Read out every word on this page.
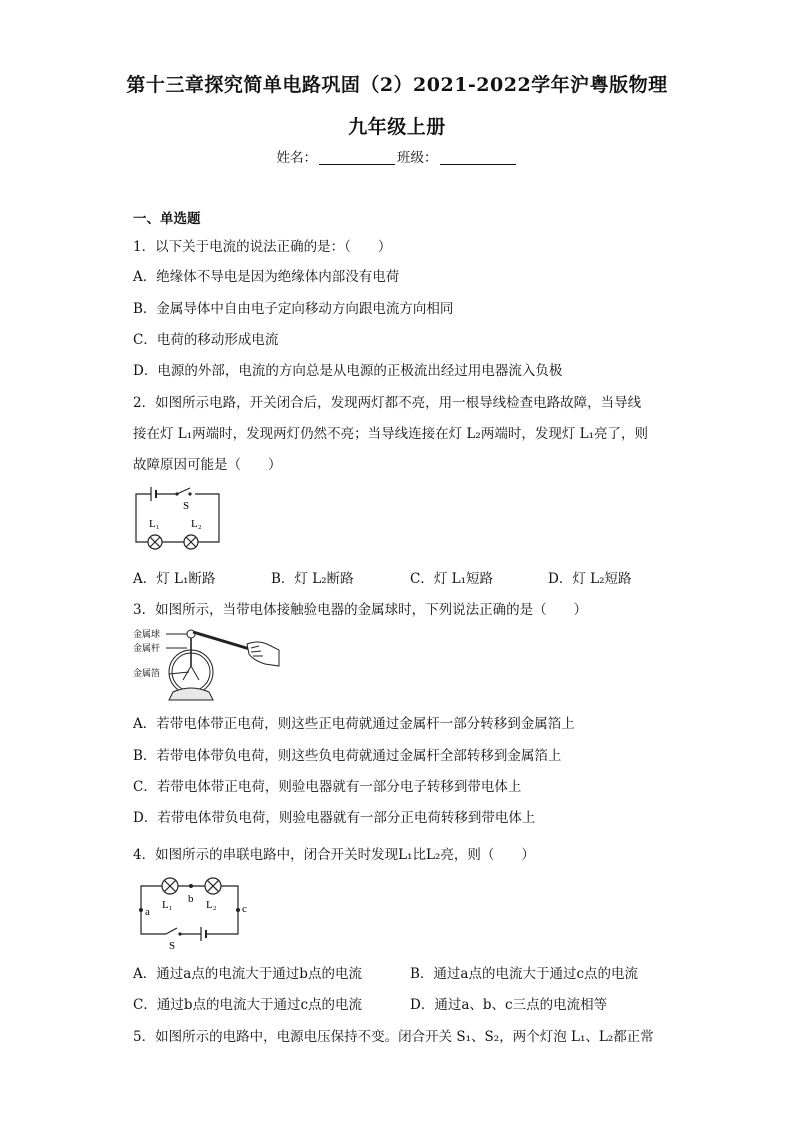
第十三章探究简单电路巩固（2）2021-2022学年沪粤版物理
九年级上册
姓名：	班级：
一、单选题
1．以下关于电流的说法正确的是：（　　）
A．绝缘体不导电是因为绝缘体内部没有电荷
B．金属导体中自由电子定向移动方向跟电流方向相同
C．电荷的移动形成电流
D．电源的外部，电流的方向总是从电源的正极流出经过用电器流入负极
2．如图所示电路，开关闭合后，发现两灯都不亮，用一根导线检查电路故障，当导线
接在灯 L₁两端时，发现两灯仍然不亮；当导线连接在灯 L₂两端时，发现灯 L₁亮了，则
故障原因可能是（　　）
S
L₁	L₂
A．灯 L₁断路	B．灯 L₂断路	C．灯 L₁短路	D．灯 L₂短路
3．如图所示，当带电体接触验电器的金属球时，下列说法正确的是（　　）
金属球
金属杆
金属箔
A．若带电体带正电荷，则这些正电荷就通过金属杆一部分转移到金属箔上
B．若带电体带负电荷，则这些负电荷就通过金属杆全部转移到金属箔上
C．若带电体带正电荷，则验电器就有一部分电子转移到带电体上
D．若带电体带负电荷，则验电器就有一部分正电荷转移到带电体上
4．如图所示的串联电路中，闭合开关时发现L₁比L₂亮，则（　　）
a
b
c
L₁	L₂
S
A．通过a点的电流大于通过b点的电流	B．通过a点的电流大于通过c点的电流
C．通过b点的电流大于通过c点的电流	D．通过a、b、c三点的电流相等
5．如图所示的电路中，电源电压保持不变。闭合开关 S₁、S₂，两个灯泡 L₁、L₂都正常
